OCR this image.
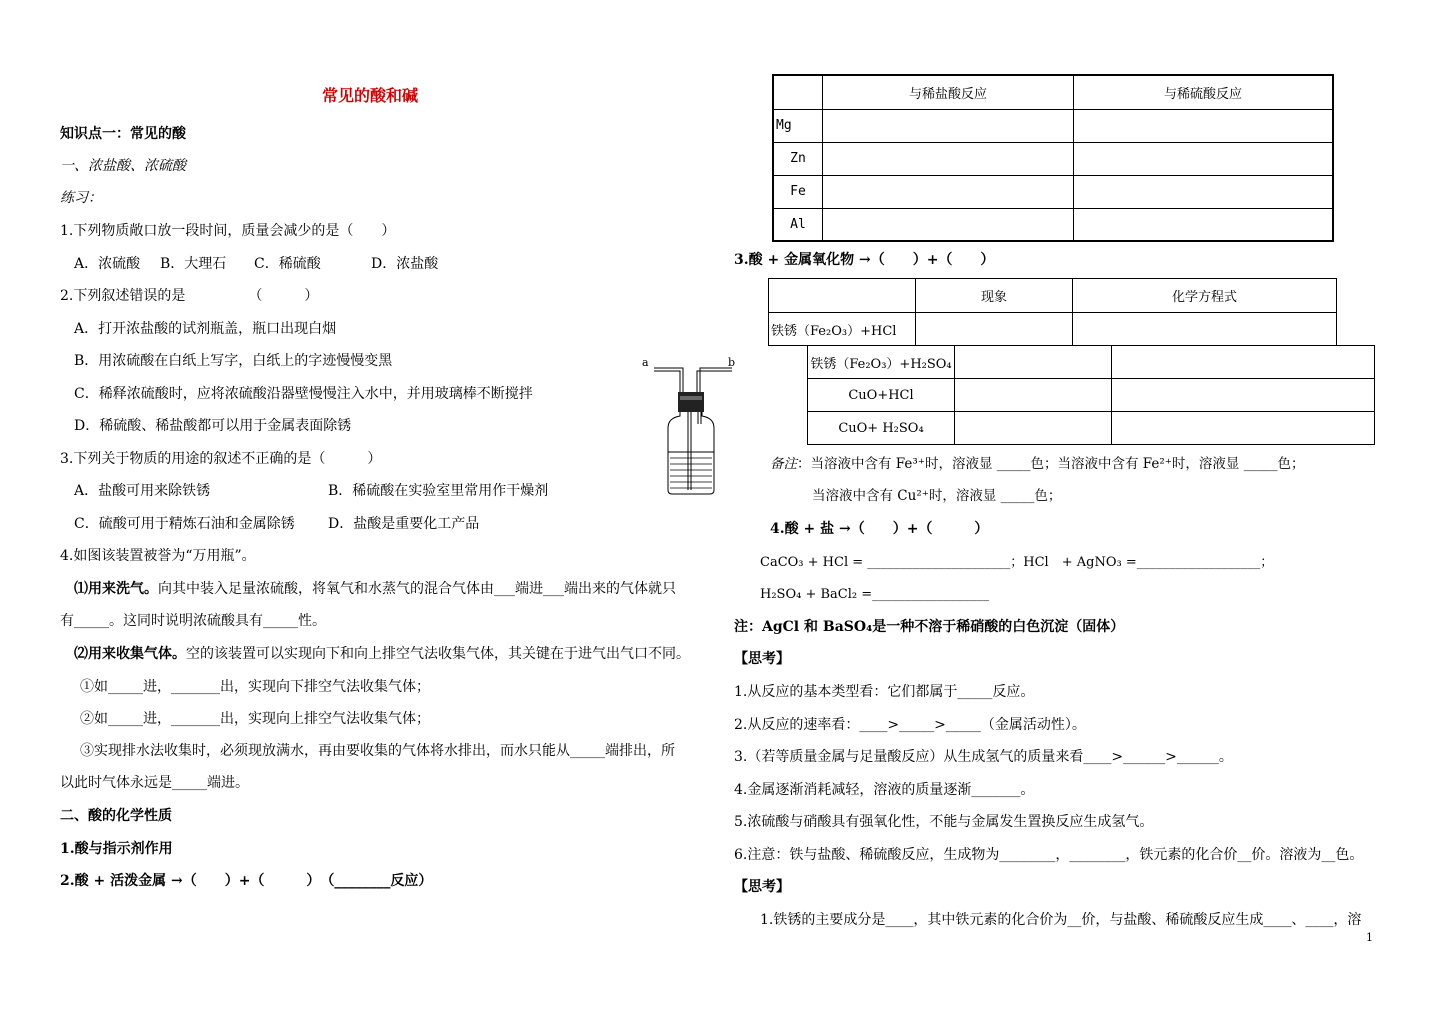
常见的酸和碱
知识点一：常见的酸
一、浓盐酸、浓硫酸
练习：
1.下列物质敞口放一段时间，质量会减少的是（　　）
A．浓硫酸 B．大理石 C．稀硫酸	D．浓盐酸
2.下列叙述错误的是　　　　　（　　　）
A．打开浓盐酸的试剂瓶盖，瓶口出现白烟
B．用浓硫酸在白纸上写字，白纸上的字迹慢慢变黑
C．稀释浓硫酸时，应将浓硫酸沿器壁慢慢注入水中，并用玻璃棒不断搅拌
D．稀硫酸、稀盐酸都可以用于金属表面除锈
3.下列关于物质的用途的叙述不正确的是（　　　）
A．盐酸可用来除铁锈	B．稀硫酸在实验室里常用作干燥剂
C．硫酸可用于精炼石油和金属除锈 D．盐酸是重要化工产品
4.如图该装置被誉为“万用瓶”。
⑴用来洗气。向其中装入足量浓硫酸，将氧气和水蒸气的混合气体由___端进___端出来的气体就只
有_____。这同时说明浓硫酸具有_____性。
⑵用来收集气体。空的该装置可以实现向下和向上排空气法收集气体，其关键在于进气出气口不同。
①如_____进，_______出，实现向下排空气法收集气体；
②如_____进，_______出，实现向上排空气法收集气体；
③实现排水法收集时，必须现放满水，再由要收集的气体将水排出，而水只能从_____端排出，所
以此时气体永远是_____端进。
二、酸的化学性质
1.酸与指示剂作用
2.酸 + 活泼金属 →（　　）+（　　　）　（________反应）
a	b
	与稀盐酸反应	与稀硫酸反应
Mg		
Zn		
Fe		
Al		
3.酸 + 金属氧化物 →（　　）+（　　）
	现象	化学方程式
铁锈（Fe₂O₃）+HCl		
铁锈（Fe₂O₃）+H₂SO₄		
CuO+HCl		
CuO+ H₂SO₄		
备注：当溶液中含有 Fe³⁺时，溶液显 _____色；当溶液中含有 Fe²⁺时，溶液显 _____色；
当溶液中含有 Cu²⁺时，溶液显 _____色；
4.酸 + 盐 →（　　）+（　　　）
CaCO₃ + HCl = ______________________；HCl　+ AgNO₃ =___________________；
H₂SO₄ + BaCl₂ =__________________
注：AgCl 和 BaSO₄是一种不溶于稀硝酸的白色沉淀（固体）
【思考】
1.从反应的基本类型看：它们都属于_____反应。
2.从反应的速率看：____>_____>_____（金属活动性）。
3.（若等质量金属与足量酸反应）从生成氢气的质量来看____>______>______。
4.金属逐渐消耗减轻，溶液的质量逐渐_______。
5.浓硫酸与硝酸具有强氧化性，不能与金属发生置换反应生成氢气。
6.注意：铁与盐酸、稀硫酸反应，生成物为________，________，铁元素的化合价__价。溶液为__色。
【思考】
1.铁锈的主要成分是____，其中铁元素的化合价为__价，与盐酸、稀硫酸反应生成____、____，溶
1
